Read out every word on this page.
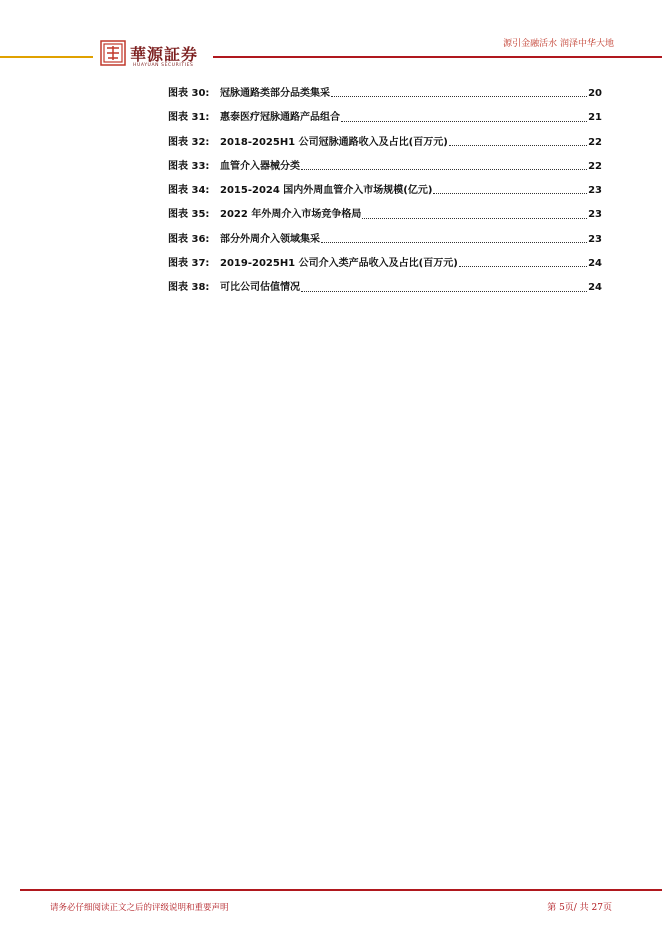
華源証券
HUAYUAN SECURITIES
源引金融活水 润泽中华大地
图表 30:	冠脉通路类部分品类集采	20
图表 31:	惠泰医疗冠脉通路产品组合	21
图表 32:	2018-2025H1 公司冠脉通路收入及占比(百万元)	22
图表 33:	血管介入器械分类	22
图表 34:	2015-2024 国内外周血管介入市场规模(亿元)	23
图表 35:	2022 年外周介入市场竞争格局	23
图表 36:	部分外周介入领域集采	23
图表 37:	2019-2025H1 公司介入类产品收入及占比(百万元)	24
图表 38:	可比公司估值情况	24
请务必仔细阅读正文之后的评级说明和重要声明	第 5页/ 共 27页
